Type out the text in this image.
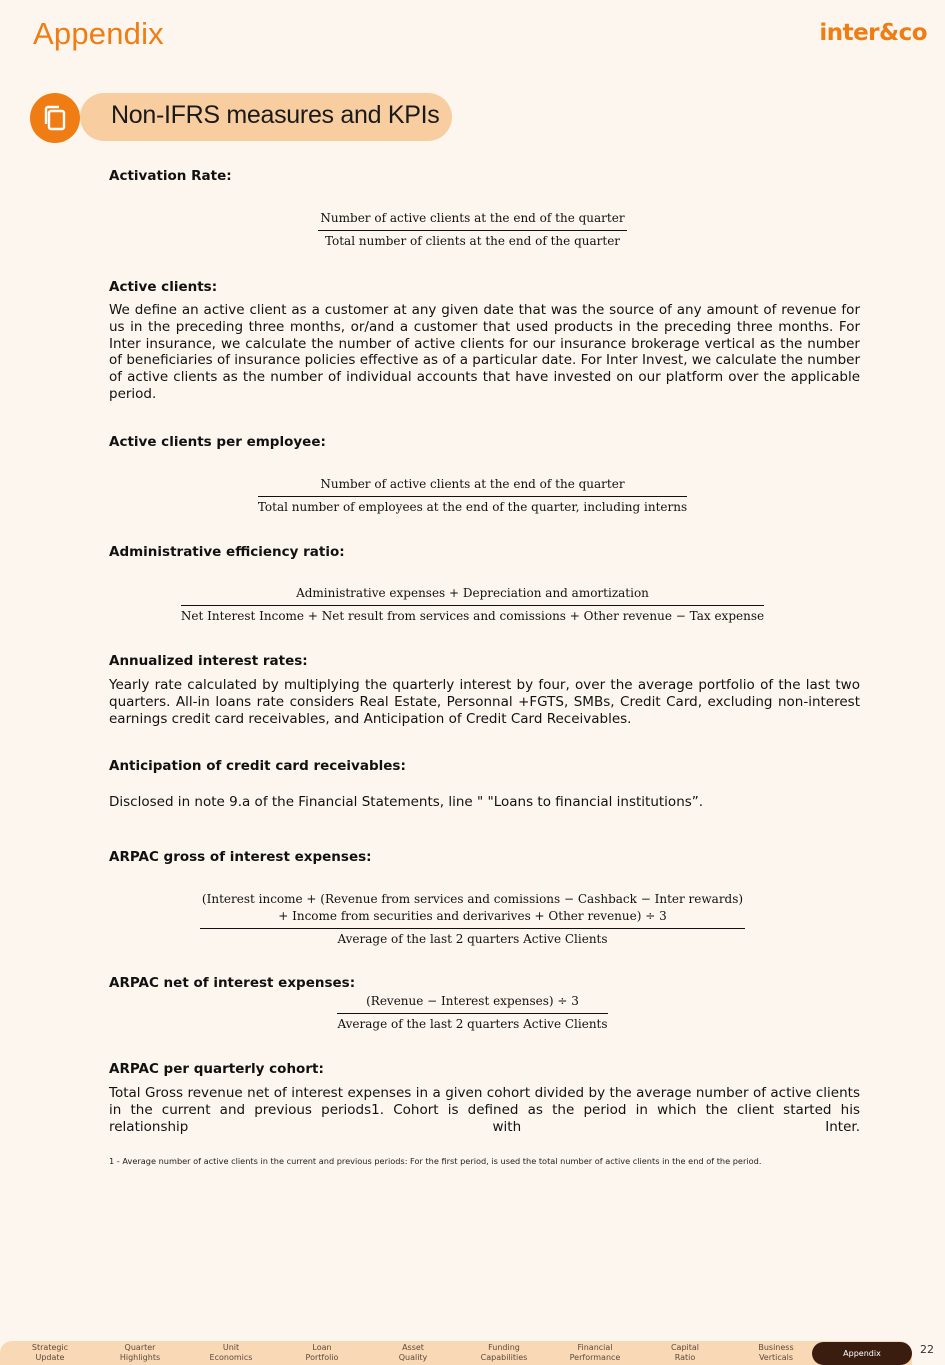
Appendix	inter&co
Non-IFRS measures and KPIs
Activation Rate:
$\frac{\text{Number of active clients at the end of the quarter}}{\text{Total number of clients at the end of the quarter}}$
Active clients:
We define an active client as a customer at any given date that was the source of any amount of revenue for us in the preceding three months, or/and a customer that used products in the preceding three months. For Inter insurance, we calculate the number of active clients for our insurance brokerage vertical as the number of beneficiaries of insurance policies effective as of a particular date. For Inter Invest, we calculate the number of active clients as the number of individual accounts that have invested on our platform over the applicable period.
Active clients per employee:
Number of active clients at the end of the quarter
Total number of employees at the end of the quarter, including interns
Administrative efficiency ratio:
Administrative expenses + Depreciation and amortization
Net Interest Income + Net result from services and comissions + Other revenue − Tax expense
Annualized interest rates:
Yearly rate calculated by multiplying the quarterly interest by four, over the average portfolio of the last two quarters. All-in loans rate considers Real Estate, Personnal +FGTS, SMBs, Credit Card, excluding non-interest earnings credit card receivables, and Anticipation of Credit Card Receivables.
Anticipation of credit card receivables:
Disclosed in note 9.a of the Financial Statements, line " "Loans to financial institutions”.
ARPAC gross of interest expenses:
(Interest income + (Revenue from services and comissions − Cashback − Inter rewards)
+ Income from securities and derivarives + Other revenue) ÷ 3
Average of the last 2 quarters Active Clients
ARPAC net of interest expenses:
$\frac{\text{(Revenue − Interest expenses) ÷ 3}}{\text{Average of the last 2 quarters Active Clients}}$
ARPAC per quarterly cohort:
Total Gross revenue net of interest expenses in a given cohort divided by the average number of active clients in the current and previous periods1. Cohort is defined as the period in which the client started his relationship with Inter.
1 - Average number of active clients in the current and previous periods: For the first period, is used the total number of active clients in the end of the period.
Strategic
Update
Quarter
Highlights
Unit
Economics
Loan
Portfolio
Asset
Quality
Funding
Capabilities
Financial
Performance
Capital
Ratio
Business
Verticals	Appendix	22
